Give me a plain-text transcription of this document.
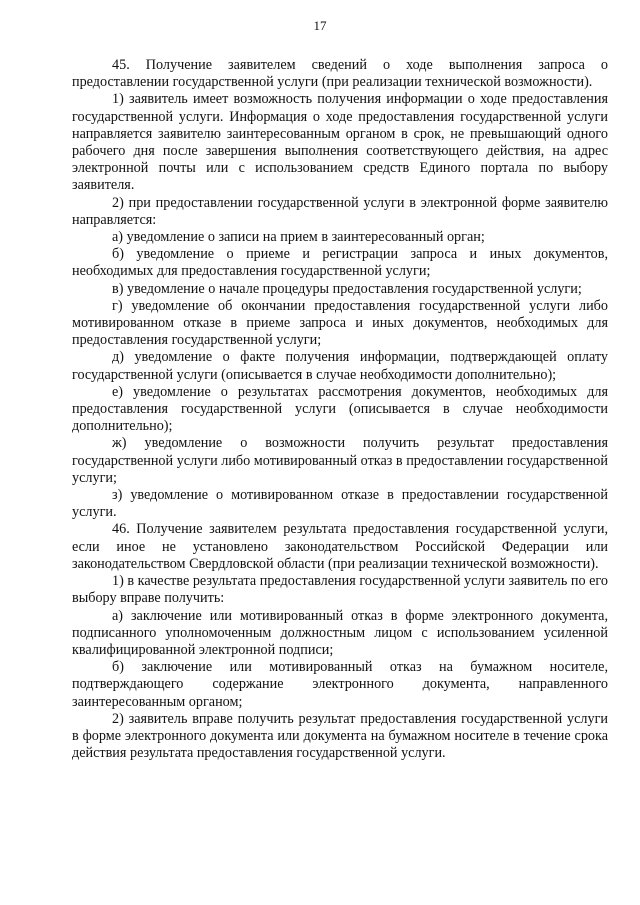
17

45. Получение заявителем сведений о ходе выполнения запроса о предоставлении государственной услуги (при реализации технической возможности).

1) заявитель имеет возможность получения информации о ходе предоставления государственной услуги. Информация о ходе предоставления государственной услуги направляется заявителю заинтересованным органом в срок, не превышающий одного рабочего дня после завершения выполнения соответствующего действия, на адрес электронной почты или с использованием средств Единого портала по выбору заявителя.

2) при предоставлении государственной услуги в электронной форме заявителю направляется:

а) уведомление о записи на прием в заинтересованный орган;

б) уведомление о приеме и регистрации запроса и иных документов, необходимых для предоставления государственной услуги;

в) уведомление о начале процедуры предоставления государственной услуги;

г) уведомление об окончании предоставления государственной услуги либо мотивированном отказе в приеме запроса и иных документов, необходимых для предоставления государственной услуги;

д) уведомление о факте получения информации, подтверждающей оплату государственной услуги (описывается в случае необходимости дополнительно);

е) уведомление о результатах рассмотрения документов, необходимых для предоставления государственной услуги (описывается в случае необходимости дополнительно);

ж) уведомление о возможности получить результат предоставления государственной услуги либо мотивированный отказ в предоставлении государственной услуги;

з) уведомление о мотивированном отказе в предоставлении государственной услуги.

46. Получение заявителем результата предоставления государственной услуги, если иное не установлено законодательством Российской Федерации или законодательством Свердловской области (при реализации технической возможности).

1) в качестве результата предоставления государственной услуги заявитель по его выбору вправе получить:

а) заключение или мотивированный отказ в форме электронного документа, подписанного уполномоченным должностным лицом с использованием усиленной квалифицированной электронной подписи;

б) заключение или мотивированный отказ на бумажном носителе, подтверждающего содержание электронного документа, направленного заинтересованным органом;

2) заявитель вправе получить результат предоставления государственной услуги в форме электронного документа или документа на бумажном носителе в течение срока действия результата предоставления государственной услуги.
